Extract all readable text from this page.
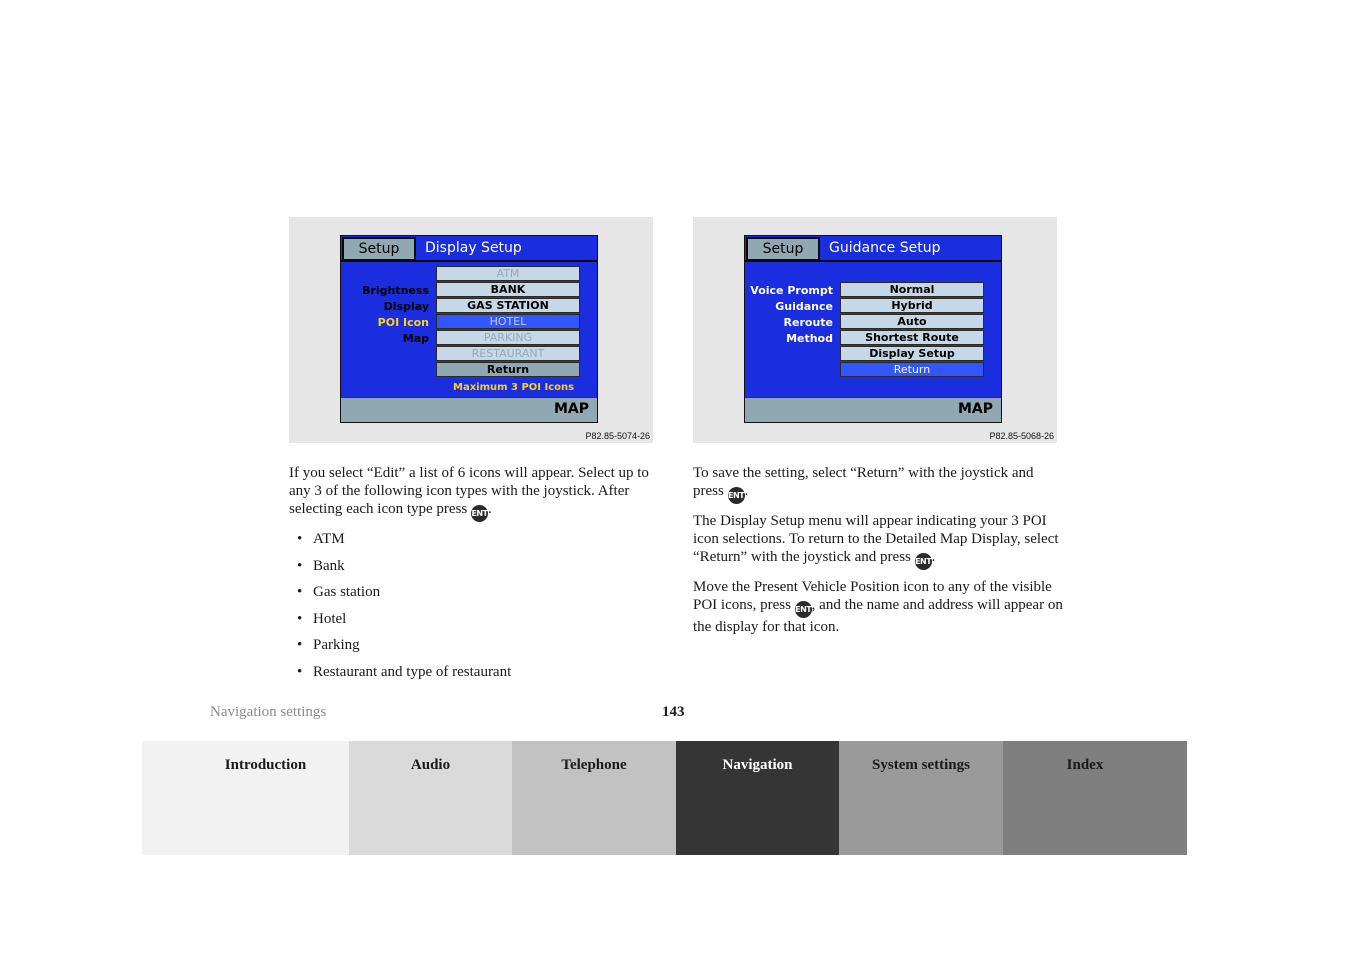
Setup	Display Setup
Brightness
Display
POI Icon
Map
ATM
BANK
GAS STATION
HOTEL
PARKING
RESTAURANT
Return
Maximum 3 POI Icons
MAP
P82.85-5074-26
Setup	Guidance Setup
Voice Prompt
Guidance
Reroute
Method
Normal
Hybrid
Auto
Shortest Route
Display Setup
Return
MAP
P82.85-5068-26

If you select “Edit” a list of 6 icons will appear. Select up to any 3 of the following icon types with the joystick. After selecting each icon type press ENT.

• ATM
• Bank
• Gas station
• Hotel
• Parking
• Restaurant and type of restaurant

To save the setting, select “Return” with the joystick and press ENT.

The Display Setup menu will appear indicating your 3 POI icon selections. To return to the Detailed Map Display, select “Return” with the joystick and press ENT.

Move the Present Vehicle Position icon to any of the visible POI icons, press ENT, and the name and address will appear on the display for that icon.

Navigation settings	143
Introduction	Audio	Telephone	Navigation	System settings	Index
